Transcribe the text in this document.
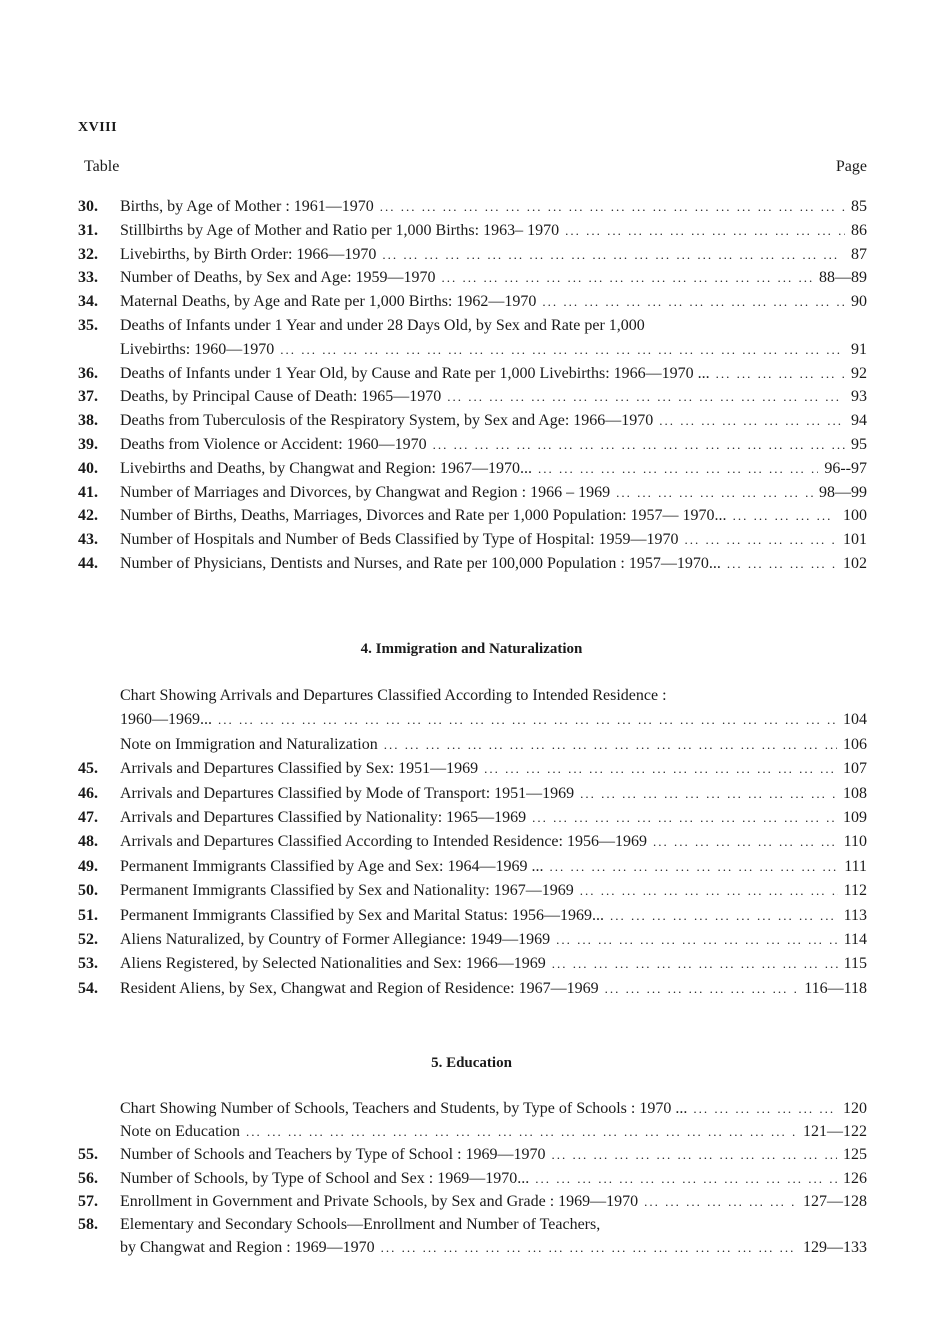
XVIII
Table	Page
30.	Births, by Age of Mother : 1961—1970 ... .	85
31.	Stillbirths by Age of Mother and Ratio per 1,000 Births: 1963– 1970 ... .	86
32.	Livebirths, by Birth Order: 1966—1970 ... .	87
33.	Number of Deaths, by Sex and Age: 1959—1970 ... .	88—89
34.	Maternal Deaths, by Age and Rate per 1,000 Births: 1962—1970 ... .	90
35.	Deaths of Infants under 1 Year and under 28 Days Old, by Sex and Rate per 1,000
Livebirths: 1960—1970 ... .	91
36.	Deaths of Infants under 1 Year Old, by Cause and Rate per 1,000 Livebirths: 1966—1970 ... ... .	92
37.	Deaths, by Principal Cause of Death: 1965—1970 ... .	93
38.	Deaths from Tuberculosis of the Respiratory System, by Sex and Age: 1966—1970 ... .	94
39.	Deaths from Violence or Accident: 1960—1970 ... .	95
40.	Livebirths and Deaths, by Changwat and Region: 1967—1970... ... .	96--97
41.	Number of Marriages and Divorces, by Changwat and Region : 1966 – 1969 ... .	98—99
42.	Number of Births, Deaths, Marriages, Divorces and Rate per 1,000 Population: 1957— 1970... ... .	100
43.	Number of Hospitals and Number of Beds Classified by Type of Hospital: 1959—1970 ... .	101
44.	Number of Physicians, Dentists and Nurses, and Rate per 100,000 Population : 1957—1970... ... .	102
4. Immigration and Naturalization
Chart Showing Arrivals and Departures Classified According to Intended Residence :
1960—1969... ... .	104
Note on Immigration and Naturalization ... .	106
45.	Arrivals and Departures Classified by Sex: 1951—1969 ... .	107
46.	Arrivals and Departures Classified by Mode of Transport: 1951—1969 ... .	108
47.	Arrivals and Departures Classified by Nationality: 1965—1969 ... .	109
48.	Arrivals and Departures Classified According to Intended Residence: 1956—1969 ... .	110
49.	Permanent Immigrants Classified by Age and Sex: 1964—1969 ... ... .	111
50.	Permanent Immigrants Classified by Sex and Nationality: 1967—1969 ... .	112
51.	Permanent Immigrants Classified by Sex and Marital Status: 1956—1969... ... .	113
52.	Aliens Naturalized, by Country of Former Allegiance: 1949—1969 ... .	114
53.	Aliens Registered, by Selected Nationalities and Sex: 1966—1969 ... .	115
54.	Resident Aliens, by Sex, Changwat and Region of Residence: 1967—1969 ... .	116—118
5. Education
Chart Showing Number of Schools, Teachers and Students, by Type of Schools : 1970 ... ... .	120
Note on Education ... .	121—122
55.	Number of Schools and Teachers by Type of School : 1969—1970 ... .	125
56.	Number of Schools, by Type of School and Sex : 1969—1970... ... .	126
57.	Enrollment in Government and Private Schools, by Sex and Grade : 1969—1970 ... .	127—128
58.	Elementary and Secondary Schools—Enrollment and Number of Teachers,
by Changwat and Region : 1969—1970 ... .	129—133
